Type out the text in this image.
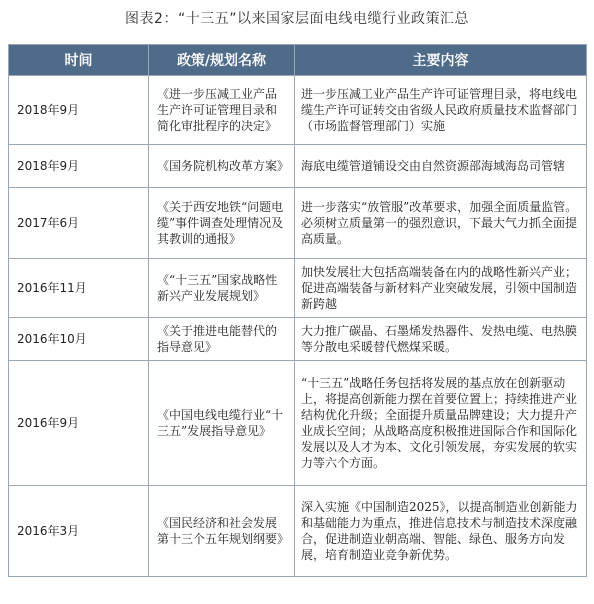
图表2：“十三五”以来国家层面电线电缆行业政策汇总
时间	政策/规划名称	主要内容
2018年9月	《进一步压减工业产品生产许可证管理目录和简化审批程序的决定》	进一步压减工业产品生产许可证管理目录，将电线电缆生产许可证转交由省级人民政府质量技术监督部门（市场监督管理部门）实施
2018年9月	《国务院机构改革方案》	海底电缆管道铺设交由自然资源部海域海岛司管辖
2017年6月	《关于西安地铁“问题电缆”事件调查处理情况及其教训的通报》	进一步落实“放管服”改革要求，加强全面质量监管。必须树立质量第一的强烈意识，下最大气力抓全面提高质量。
2016年11月	《“十三五”国家战略性新兴产业发展规划》	加快发展壮大包括高端装备在内的战略性新兴产业；促进高端装备与新材料产业突破发展，引领中国制造新跨越
2016年10月	《关于推进电能替代的指导意见》	大力推广碳晶、石墨烯发热器件、发热电缆、电热膜等分散电采暖替代燃煤采暖。
2016年9月	《中国电线电缆行业“十三五”发展指导意见》	“十三五”战略任务包括将发展的基点放在创新驱动上，将提高创新能力摆在首要位置上；持续推进产业结构优化升级；全面提升质量品牌建设；大力提升产业成长空间；从战略高度积极推进国际合作和国际化发展以及人才为本、文化引领发展，夯实发展的软实力等六个方面。
2016年3月	《国民经济和社会发展第十三个五年规划纲要》	深入实施《中国制造2025》，以提高制造业创新能力和基础能力为重点，推进信息技术与制造技术深度融合，促进制造业朝高端、智能、绿色、服务方向发展，培育制造业竞争新优势。
